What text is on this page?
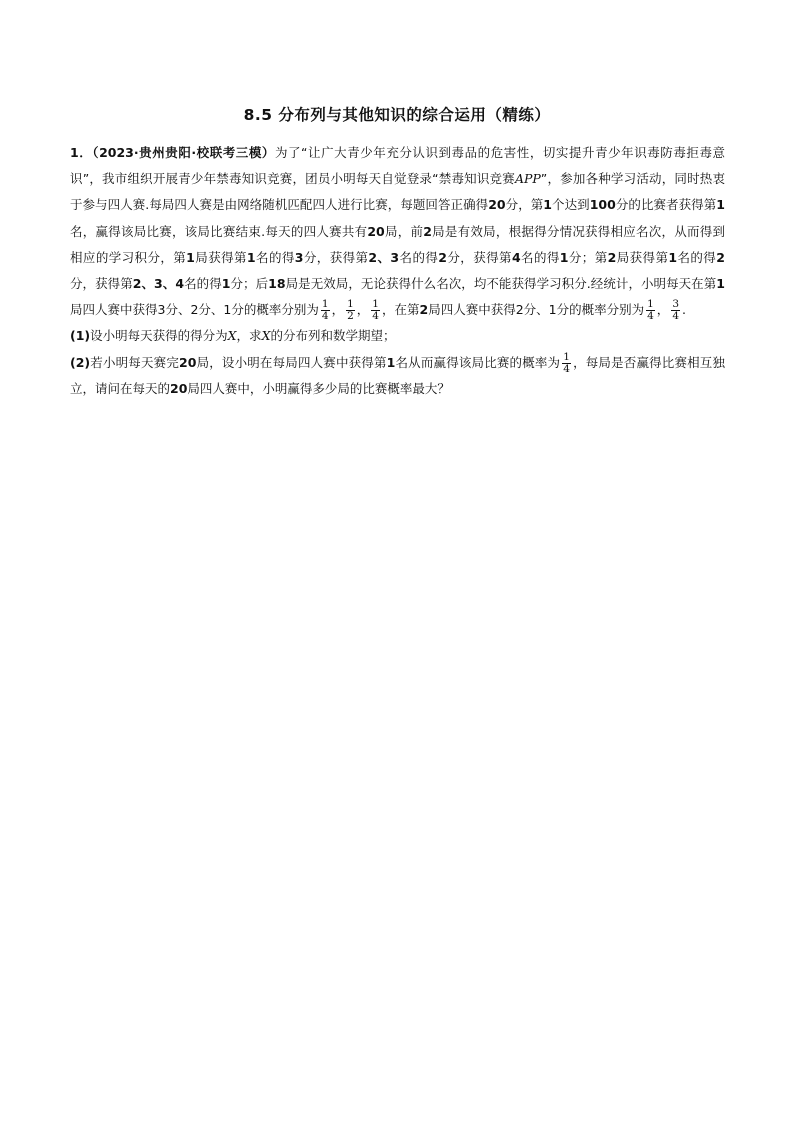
8.5 分布列与其他知识的综合运用（精练）

1．（2023·贵州贵阳·校联考三模）为了“让广大青少年充分认识到毒品的危害性，切实提升青少年识毒防毒拒毒意识”，我市组织开展青少年禁毒知识竞赛，团员小明每天自觉登录“禁毒知识竞赛APP”，参加各种学习活动，同时热衷于参与四人赛.每局四人赛是由网络随机匹配四人进行比赛，每题回答正确得20分，第1个达到100分的比赛者获得第1名，赢得该局比赛，该局比赛结束.每天的四人赛共有20局，前2局是有效局，根据得分情况获得相应名次，从而得到相应的学习积分，第1局获得第1名的得3分，获得第2、3名的得2分，获得第4名的得1分；第2局获得第1名的得2分，获得第2、3、4名的得1分；后18局是无效局，无论获得什么名次，均不能获得学习积分.经统计，小明每天在第1局四人赛中获得3分、2分、1分的概率分别为 $\frac{1}{4}$ ， $\frac{1}{2}$ ， $\frac{1}{4}$ ，在第2局四人赛中获得2分、1分的概率分别为 $\frac{1}{4}$ ， $\frac{3}{4}$ .

(1)设小明每天获得的得分为X，求X的分布列和数学期望；

(2)若小明每天赛完20局，设小明在每局四人赛中获得第1名从而赢得该局比赛的概率为 $\frac{1}{4}$ ，每局是否赢得比赛相互独立，请问在每天的20局四人赛中，小明赢得多少局的比赛概率最大？
